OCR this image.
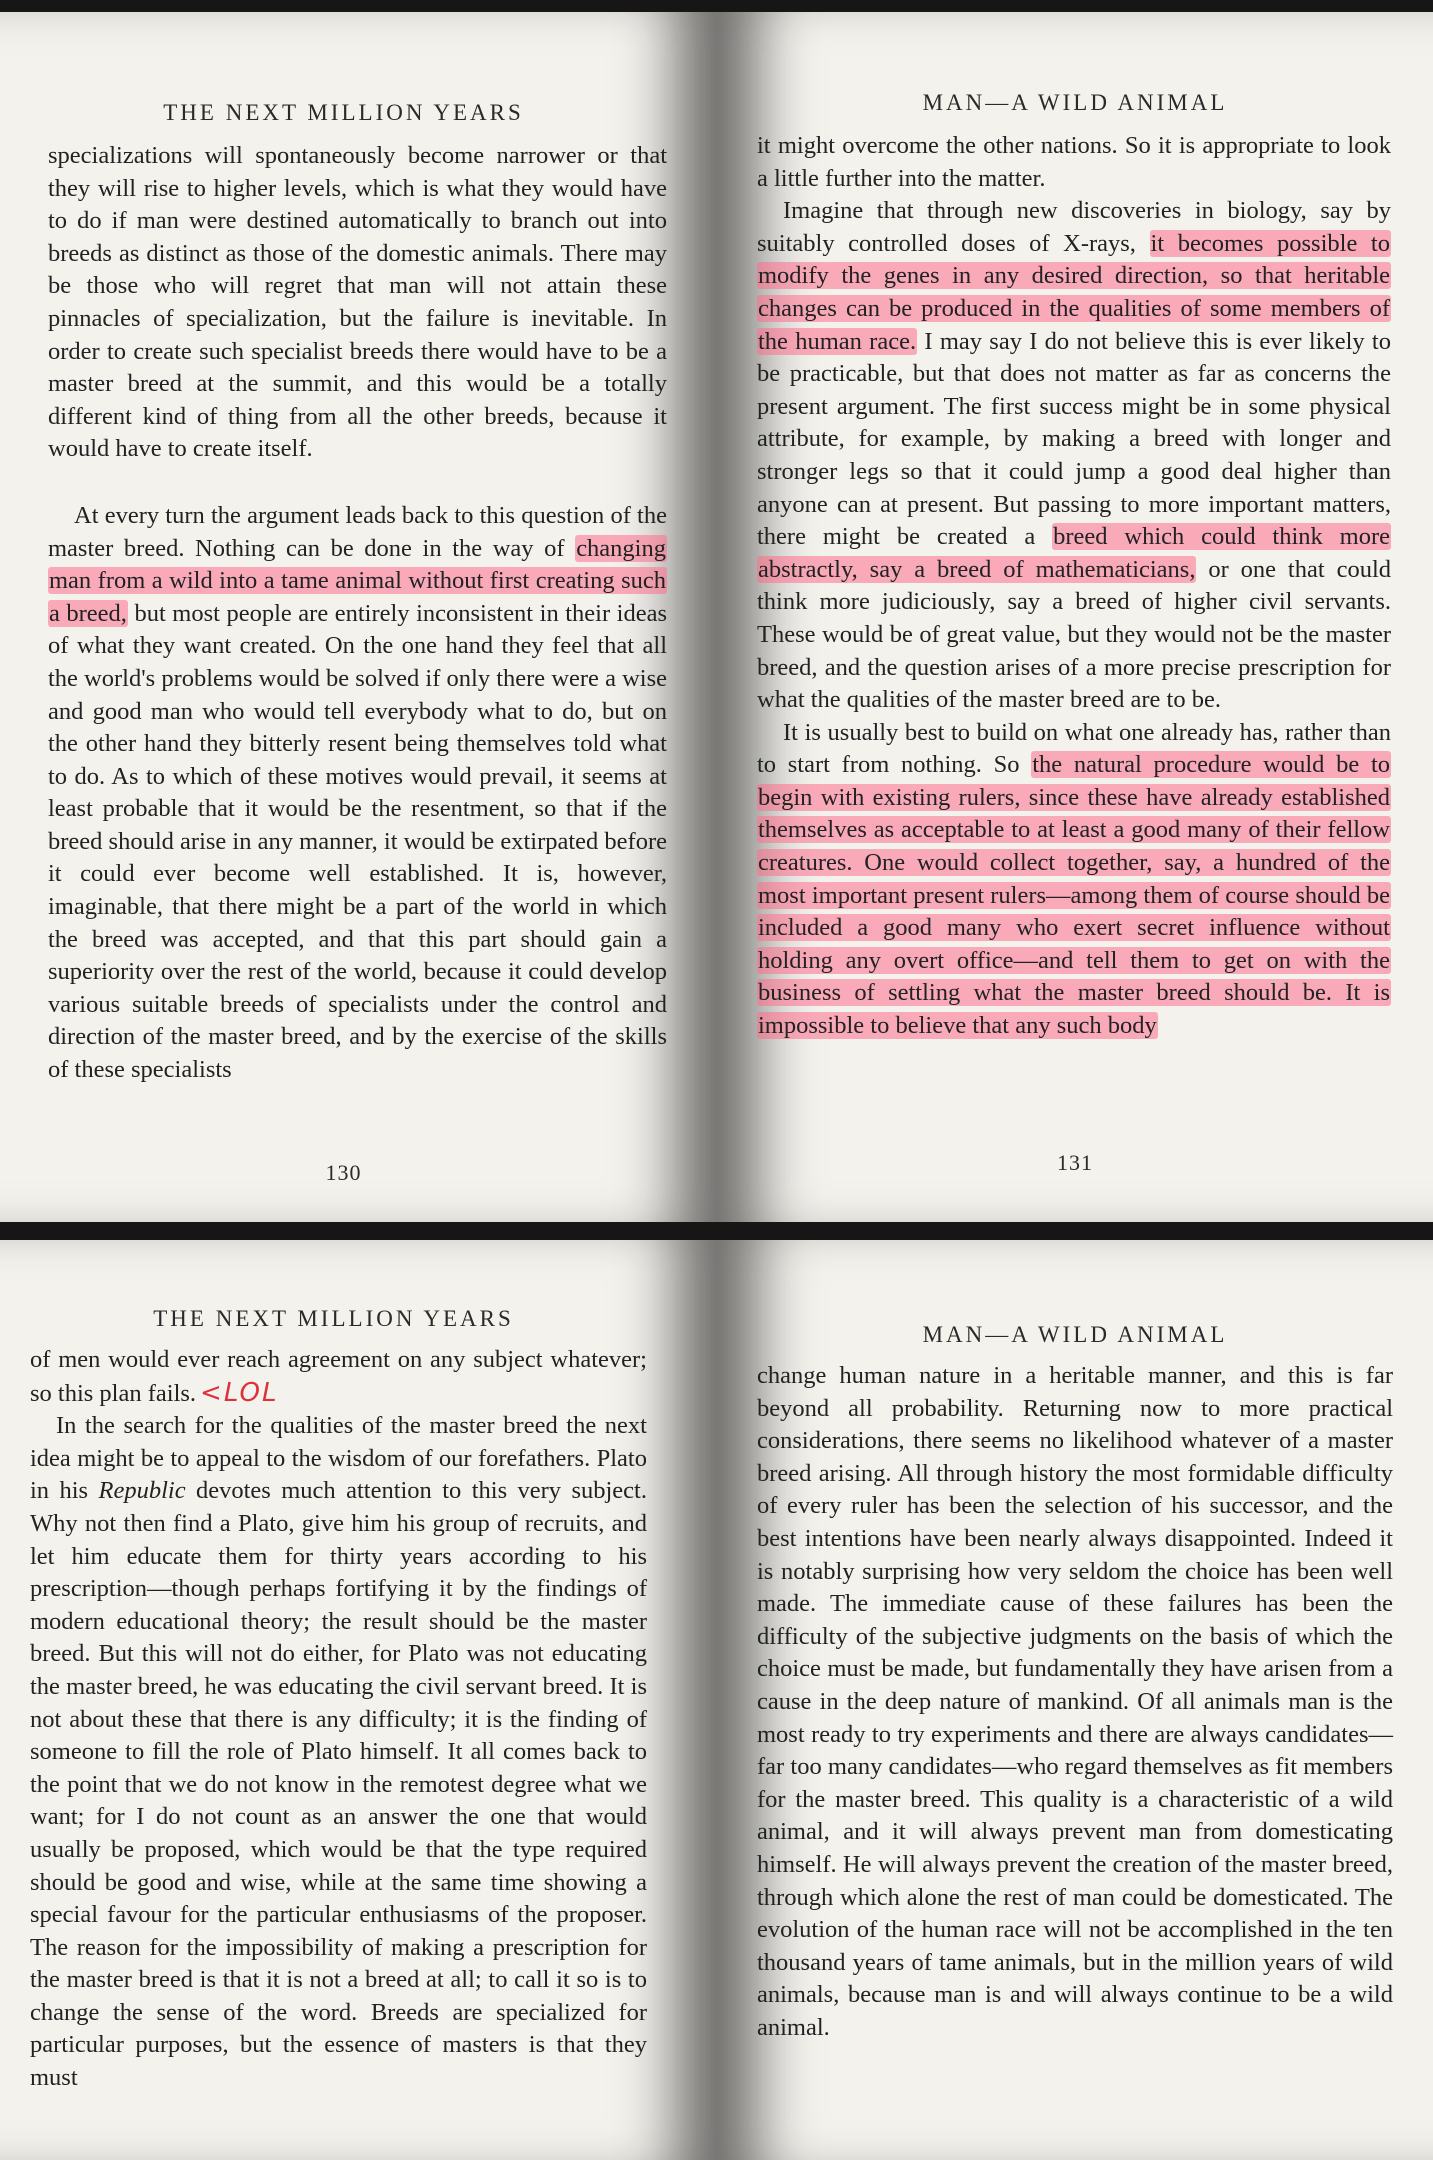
THE NEXT MILLION YEARS

specializations will spontaneously become narrower or that they will rise to higher levels, which is what they would have to do if man were destined automatically to branch out into breeds as distinct as those of the domestic animals. There may be those who will regret that man will not attain these pinnacles of specialization, but the failure is inevitable. In order to create such specialist breeds there would have to be a master breed at the summit, and this would be a totally different kind of thing from all the other breeds, because it would have to create itself.

At every turn the argument leads back to this question of the master breed. Nothing can be done in the way of changing man from a wild into a tame animal without first creating such a breed, but most people are entirely inconsistent in their ideas of what they want created. On the one hand they feel that all the world's problems would be solved if only there were a wise and good man who would tell everybody what to do, but on the other hand they bitterly resent being themselves told what to do. As to which of these motives would prevail, it seems at least probable that it would be the resentment, so that if the breed should arise in any manner, it would be extirpated before it could ever become well established. It is, however, imaginable, that there might be a part of the world in which the breed was accepted, and that this part should gain a superiority over the rest of the world, because it could develop various suitable breeds of specialists under the control and direction of the master breed, and by the exercise of the skills of these specialists

130
MAN—A WILD ANIMAL

it might overcome the other nations. So it is appropriate to look a little further into the matter.

Imagine that through new discoveries in biology, say by suitably controlled doses of X-rays, it becomes possible to modify the genes in any desired direction, so that heritable changes can be produced in the qualities of some members of the human race. I may say I do not believe this is ever likely to be practicable, but that does not matter as far as concerns the present argument. The first success might be in some physical attribute, for example, by making a breed with longer and stronger legs so that it could jump a good deal higher than anyone can at present. But passing to more important matters, there might be created a breed which could think more abstractly, say a breed of mathematicians, or one that could think more judiciously, say a breed of higher civil servants. These would be of great value, but they would not be the master breed, and the question arises of a more precise prescription for what the qualities of the master breed are to be.

It is usually best to build on what one already has, rather than to start from nothing. So the natural procedure would be to begin with existing rulers, since these have already established themselves as acceptable to at least a good many of their fellow creatures. One would collect together, say, a hundred of the most important present rulers—among them of course should be included a good many who exert secret influence without holding any overt office—and tell them to get on with the business of settling what the master breed should be. It is impossible to believe that any such body

131
THE NEXT MILLION YEARS

of men would ever reach agreement on any subject whatever; so this plan fails. <LOL

In the search for the qualities of the master breed the next idea might be to appeal to the wisdom of our forefathers. Plato in his Republic devotes much attention to this very subject. Why not then find a Plato, give him his group of recruits, and let him educate them for thirty years according to his prescription—though perhaps fortifying it by the findings of modern educational theory; the result should be the master breed. But this will not do either, for Plato was not educating the master breed, he was educating the civil servant breed. It is not about these that there is any difficulty; it is the finding of someone to fill the role of Plato himself. It all comes back to the point that we do not know in the remotest degree what we want; for I do not count as an answer the one that would usually be proposed, which would be that the type required should be good and wise, while at the same time showing a special favour for the particular enthusiasms of the proposer. The reason for the impossibility of making a prescription for the master breed is that it is not a breed at all; to call it so is to change the sense of the word. Breeds are specialized for particular purposes, but the essence of masters is that they must

MAN—A WILD ANIMAL

change human nature in a heritable manner, and this is far beyond all probability. Returning now to more practical considerations, there seems no likelihood whatever of a master breed arising. All through history the most formidable difficulty of every ruler has been the selection of his successor, and the best intentions have been nearly always disappointed. Indeed it is notably surprising how very seldom the choice has been well made. The immediate cause of these failures has been the difficulty of the subjective judgments on the basis of which the choice must be made, but fundamentally they have arisen from a cause in the deep nature of mankind. Of all animals man is the most ready to try experiments and there are always candidates—far too many candidates—who regard themselves as fit members for the master breed. This quality is a characteristic of a wild animal, and it will always prevent man from domesticating himself. He will always prevent the creation of the master breed, through which alone the rest of man could be domesticated. The evolution of the human race will not be accomplished in the ten thousand years of tame animals, but in the million years of wild animals, because man is and will always continue to be a wild animal.
